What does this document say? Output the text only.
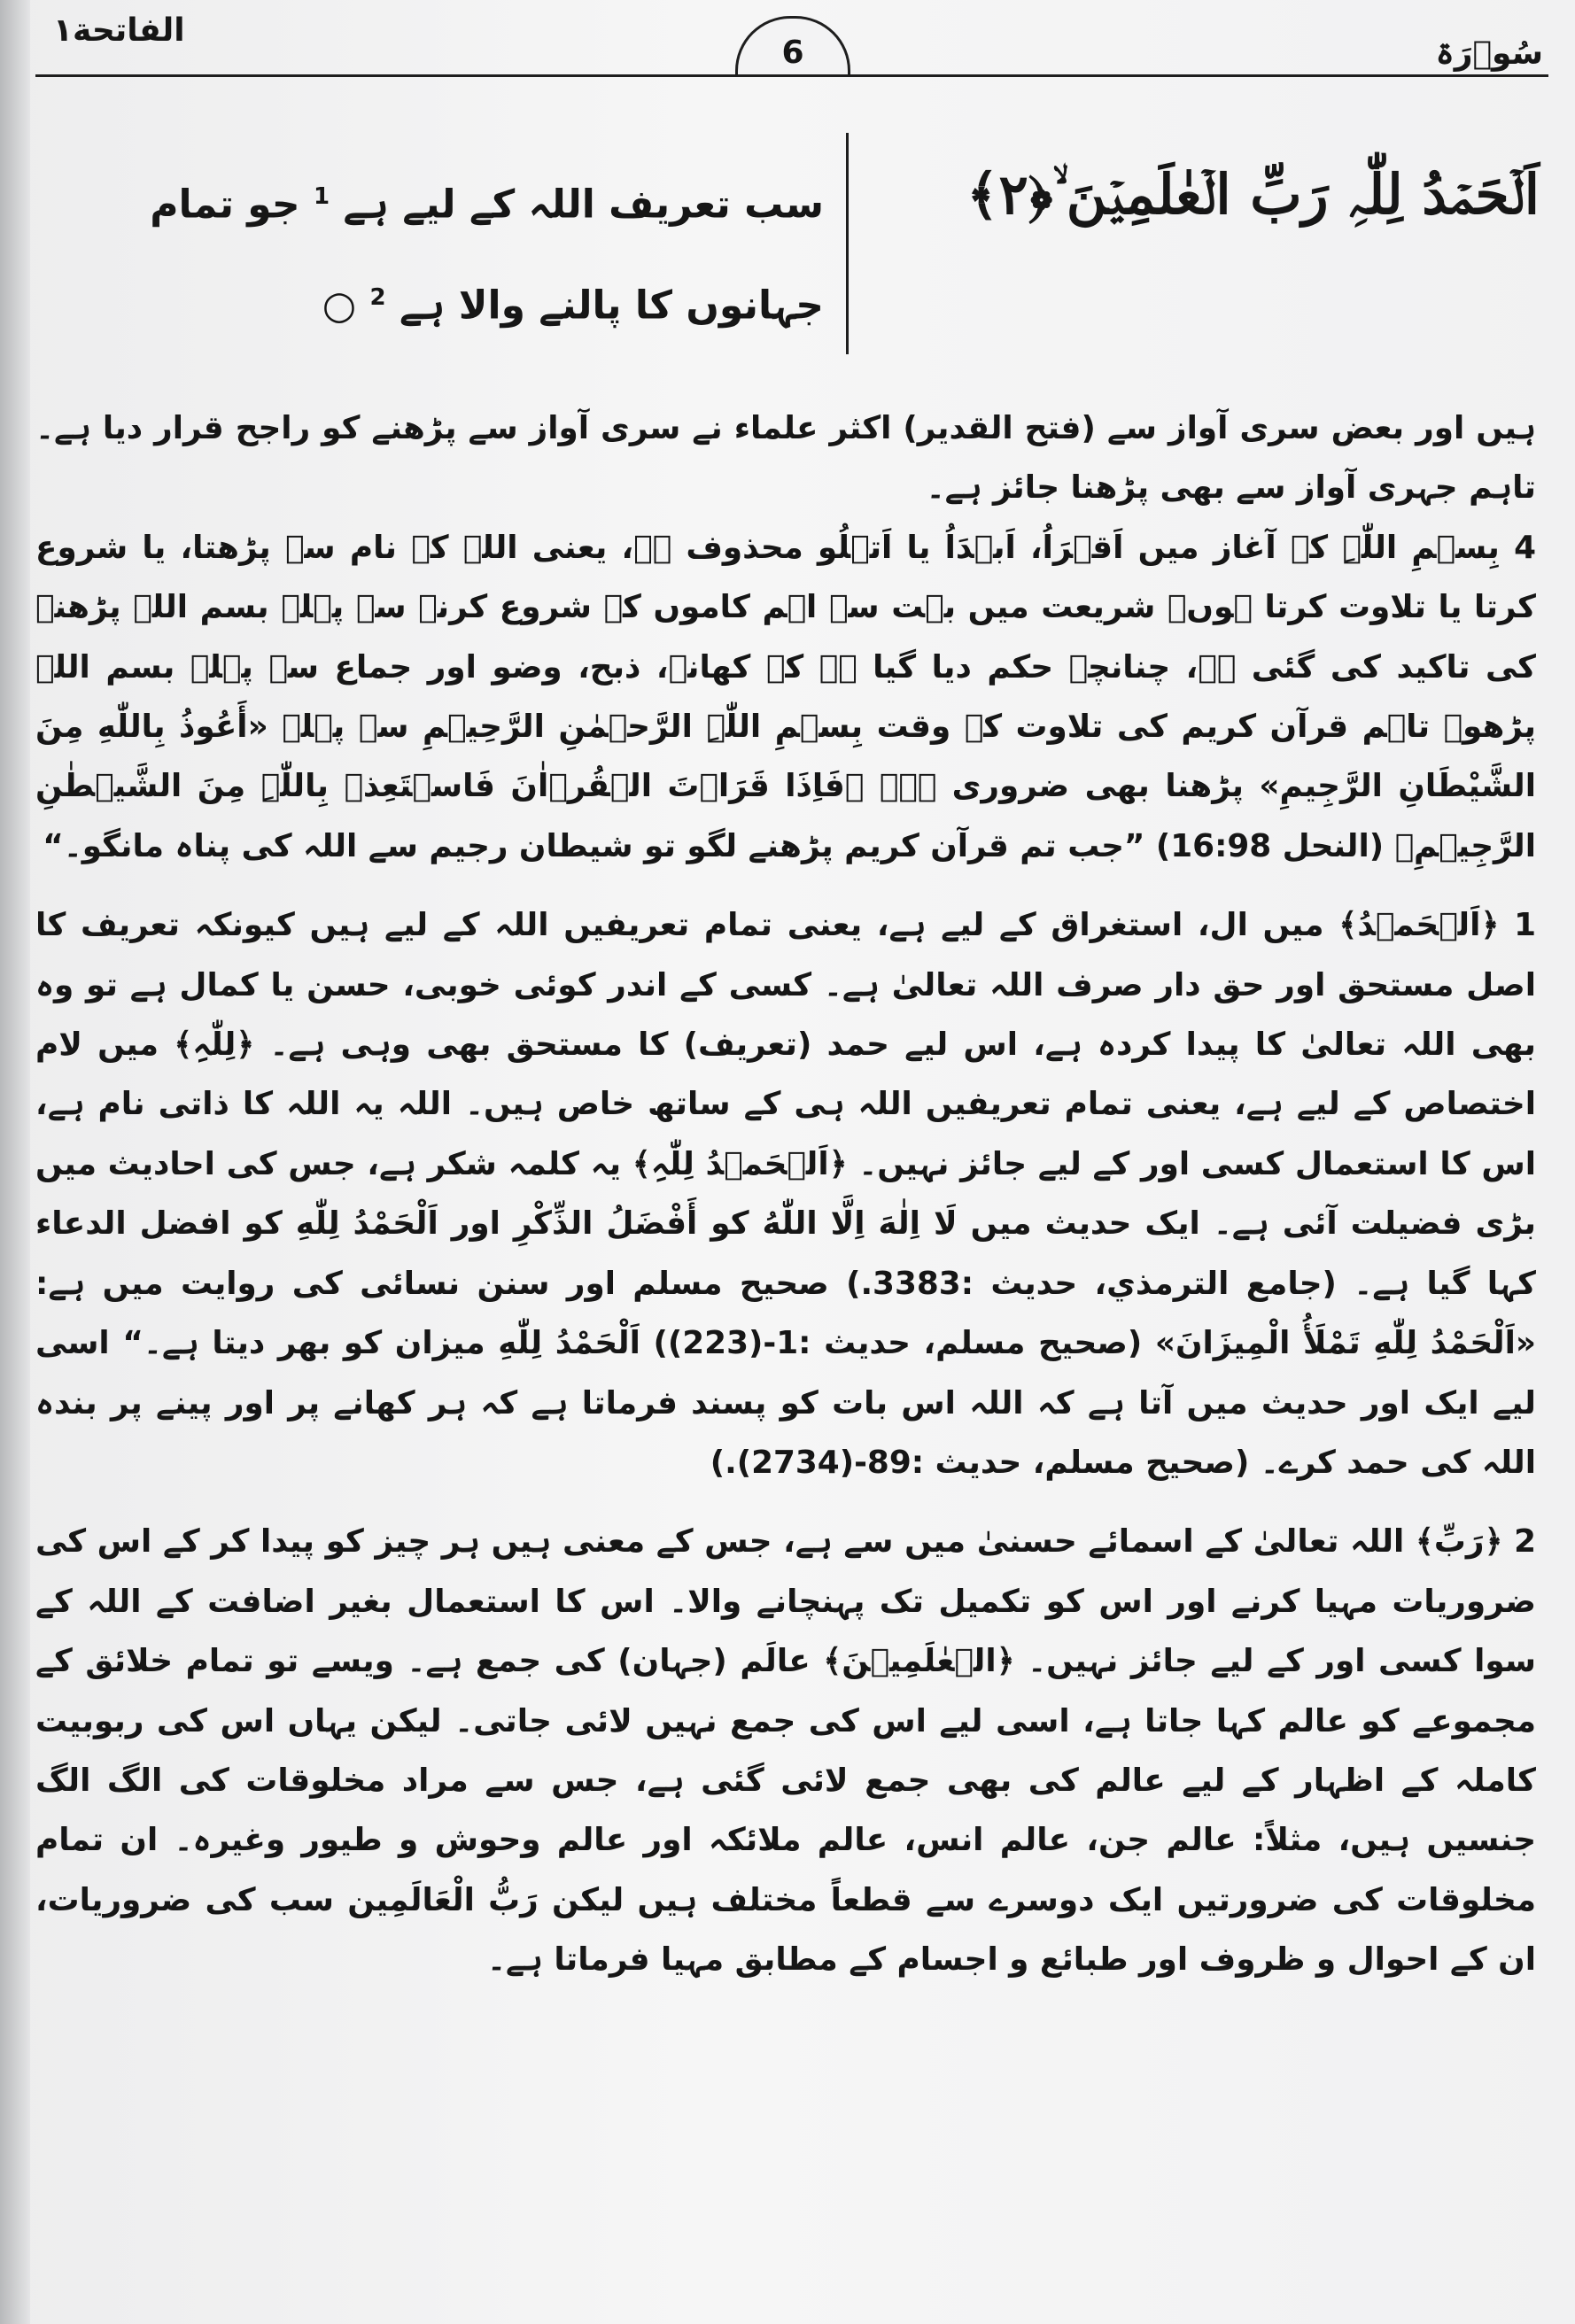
الفاتحة١
6	سُوۡرَۃ
اَلۡحَمۡدُ لِلّٰہِ رَبِّ الۡعٰلَمِیۡنَ ۙ﴿۲﴾
سب تعریف اللہ کے لیے ہے $^1$ جو تمام جہانوں کا پالنے والا ہے $^2$ ○

ہیں اور بعض سری آواز سے (فتح القدیر) اکثر علماء نے سری آواز سے پڑھنے کو راجح قرار دیا ہے۔ تاہم جہری آواز سے بھی پڑھنا جائز ہے۔

4 بِسۡمِ اللّٰہِ کے آغاز میں اَقۡرَاُ، اَبۡدَاُ یا اَتۡلُو محذوف ہے، یعنی اللہ کے نام سے پڑھتا، یا شروع کرتا یا تلاوت کرتا ہوں۔ شریعت میں بہت سے اہم کاموں کے شروع کرنے سے پہلے بسم اللہ پڑھنے کی تاکید کی گئی ہے، چنانچہ حکم دیا گیا ہے کہ کھانے، ذبح، وضو اور جماع سے پہلے بسم اللہ پڑھو۔ تاہم قرآن کریم کی تلاوت کے وقت بِسۡمِ اللّٰہِ الرَّحۡمٰنِ الرَّحِیۡمِ سے پہلے «أَعُوذُ بِاللّٰهِ مِنَ الشَّيْطَانِ الرَّجِيمِ» پڑھنا بھی ضروری ہے۔ ﴿فَاِذَا قَرَاۡتَ الۡقُرۡاٰنَ فَاسۡتَعِذۡ بِاللّٰہِ مِنَ الشَّیۡطٰنِ الرَّجِیۡمِ﴾ (النحل 16:98) ”جب تم قرآن کریم پڑھنے لگو تو شیطان رجیم سے اللہ کی پناہ مانگو۔“

1 ﴿اَلۡحَمۡدُ﴾ میں ال، استغراق کے لیے ہے، یعنی تمام تعریفیں اللہ کے لیے ہیں کیونکہ تعریف کا اصل مستحق اور حق دار صرف اللہ تعالیٰ ہے۔ کسی کے اندر کوئی خوبی، حسن یا کمال ہے تو وہ بھی اللہ تعالیٰ کا پیدا کردہ ہے، اس لیے حمد (تعریف) کا مستحق بھی وہی ہے۔ ﴿لِلّٰہِ﴾ میں لام اختصاص کے لیے ہے، یعنی تمام تعریفیں اللہ ہی کے ساتھ خاص ہیں۔ اللہ یہ اللہ کا ذاتی نام ہے، اس کا استعمال کسی اور کے لیے جائز نہیں۔ ﴿اَلۡحَمۡدُ لِلّٰہِ﴾ یہ کلمہ شکر ہے، جس کی احادیث میں بڑی فضیلت آئی ہے۔ ایک حدیث میں لَا اِلٰهَ اِلَّا اللّٰهُ کو أَفْضَلُ الذِّكْرِ اور اَلْحَمْدُ لِلّٰهِ کو افضل الدعاء کہا گیا ہے۔ (جامع الترمذي، حديث :3383.) صحیح مسلم اور سنن نسائی کی روایت میں ہے: «اَلْحَمْدُ لِلّٰهِ تَمْلَأُ الْمِيزَانَ» (صحيح مسلم، حديث :1-(223)) اَلْحَمْدُ لِلّٰهِ میزان کو بھر دیتا ہے۔“ اسی لیے ایک اور حدیث میں آتا ہے کہ اللہ اس بات کو پسند فرماتا ہے کہ ہر کھانے پر اور پینے پر بندہ اللہ کی حمد کرے۔ (صحيح مسلم، حديث :89-(2734).)

2 ﴿رَبِّ﴾ اللہ تعالیٰ کے اسمائے حسنیٰ میں سے ہے، جس کے معنی ہیں ہر چیز کو پیدا کر کے اس کی ضروریات مہیا کرنے اور اس کو تکمیل تک پہنچانے والا۔ اس کا استعمال بغیر اضافت کے اللہ کے سوا کسی اور کے لیے جائز نہیں۔ ﴿الۡعٰلَمِیۡنَ﴾ عالَم (جہان) کی جمع ہے۔ ویسے تو تمام خلائق کے مجموعے کو عالم کہا جاتا ہے، اسی لیے اس کی جمع نہیں لائی جاتی۔ لیکن یہاں اس کی ربوبیت کاملہ کے اظہار کے لیے عالم کی بھی جمع لائی گئی ہے، جس سے مراد مخلوقات کی الگ الگ جنسیں ہیں، مثلاً: عالم جن، عالم انس، عالم ملائکہ اور عالم وحوش و طیور وغیرہ۔ ان تمام مخلوقات کی ضرورتیں ایک دوسرے سے قطعاً مختلف ہیں لیکن رَبُّ الْعَالَمِین سب کی ضروریات، ان کے احوال و ظروف اور طبائع و اجسام کے مطابق مہیا فرماتا ہے۔
